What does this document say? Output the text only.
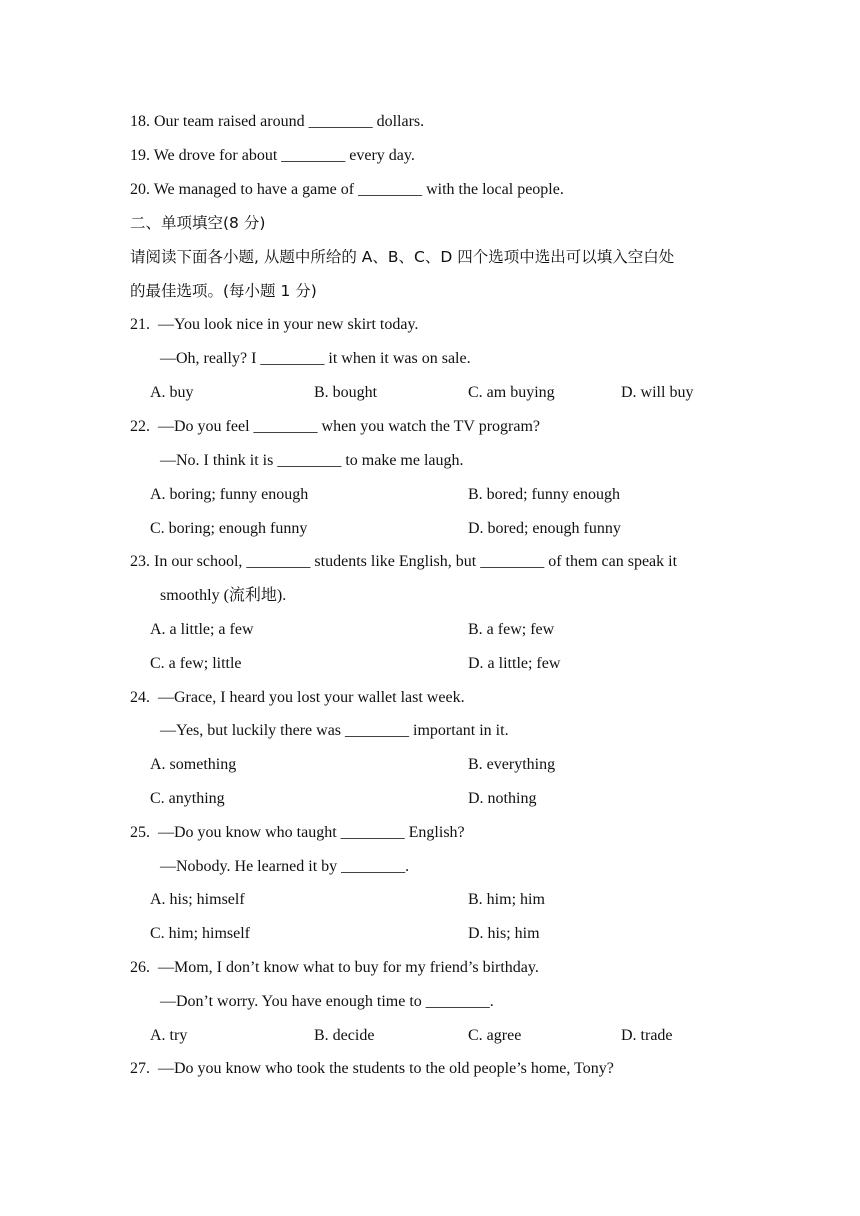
18. Our team raised around ________ dollars.
19. We drove for about ________ every day.
20. We managed to have a game of ________ with the local people.
二、单项填空(8 分)
请阅读下面各小题, 从题中所给的 A、B、C、D 四个选项中选出可以填入空白处
的最佳选项。(每小题 1 分)
21.  —You look nice in your new skirt today.
—Oh, really? I ________ it when it was on sale.
A. buy	B. bought	C. am buying	D. will buy
22.  —Do you feel ________ when you watch the TV program?
—No. I think it is ________ to make me laugh.
A. boring; funny enough	B. bored; funny enough
C. boring; enough funny	D. bored; enough funny
23. In our school, ________ students like English, but ________ of them can speak it
smoothly (流利地).
A. a little; a few	B. a few; few
C. a few; little	D. a little; few
24.  —Grace, I heard you lost your wallet last week.
—Yes, but luckily there was ________ important in it.
A. something	B. everything
C. anything	D. nothing
25.  —Do you know who taught ________ English?
—Nobody. He learned it by ________.
A. his; himself	B. him; him
C. him; himself	D. his; him
26.  —Mom, I don’t know what to buy for my friend’s birthday.
—Don’t worry. You have enough time to ________.
A. try	B. decide	C. agree	D. trade
27.  —Do you know who took the students to the old people’s home, Tony?
